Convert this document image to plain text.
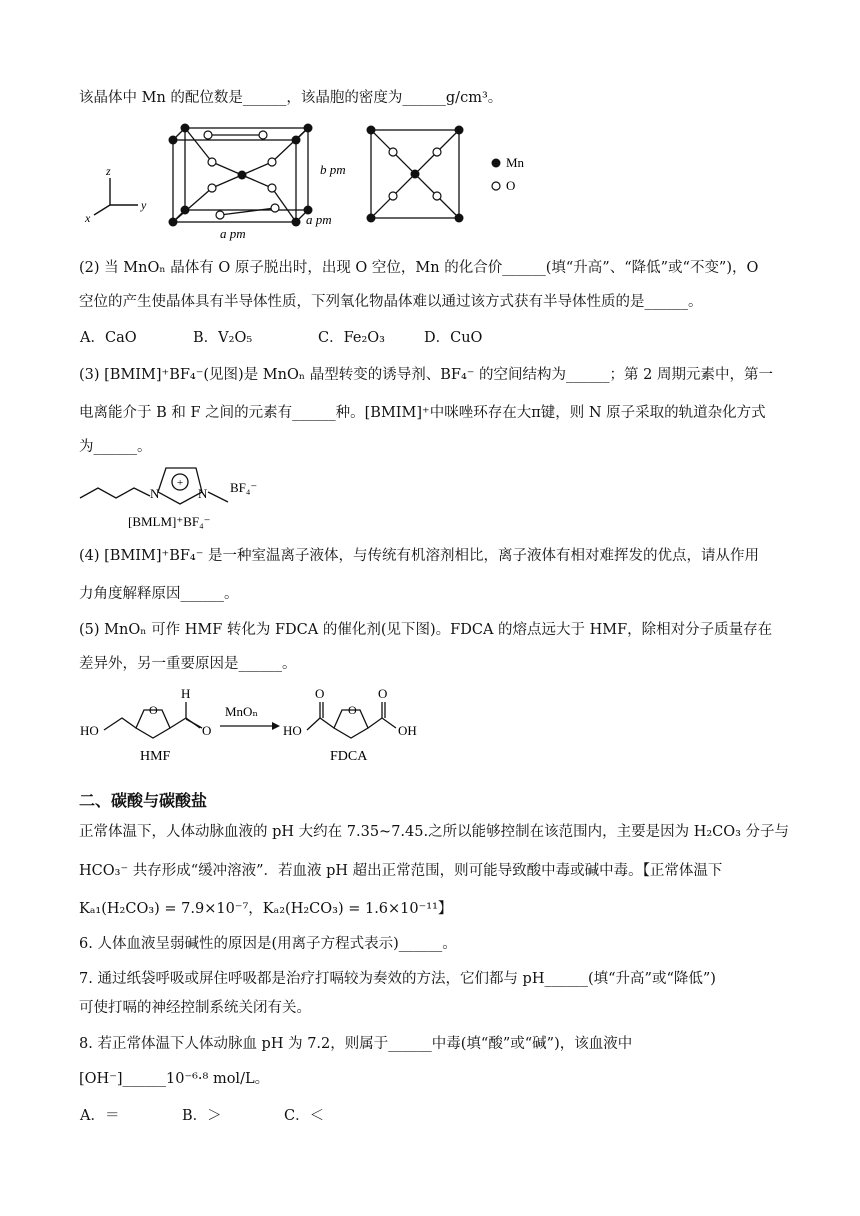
该晶体中 Mn 的配位数是______，该晶胞的密度为______g/cm³。
z
y
x
b pm
a pm
a pm
Mn
O
(2) 当 MnOₙ 晶体有 O 原子脱出时，出现 O 空位，Mn 的化合价______(填“升高”、“降低”或“不变”)，O
空位的产生使晶体具有半导体性质，下列氧化物晶体难以通过该方式获有半导体性质的是______。
A．CaO	B．V₂O₅	C．Fe₂O₃	D．CuO
(3) [BMIM]⁺BF₄⁻(见图)是 MnOₙ 晶型转变的诱导剂、BF₄⁻ 的空间结构为______；第 2 周期元素中，第一
电离能介于 B 和 F 之间的元素有______种。[BMIM]⁺中咪唑环存在大π键，则 N 原子采取的轨道杂化方式
为______。
+
N	N BF₄⁻
[BMLM]⁺BF₄⁻
(4) [BMIM]⁺BF₄⁻ 是一种室温离子液体，与传统有机溶剂相比，离子液体有相对难挥发的优点，请从作用
力角度解释原因______。
(5) MnOₙ 可作 HMF 转化为 FDCA 的催化剂(见下图)。FDCA 的熔点远大于 HMF，除相对分子质量存在
差异外，另一重要原因是______。
HO
O
H
O
HMF
MnOₙ
HO
O
O
O
OH
FDCA
二、碳酸与碳酸盐
正常体温下，人体动脉血液的 pH 大约在 7.35~7.45.之所以能够控制在该范围内，主要是因为 H₂CO₃ 分子与
HCO₃⁻ 共存形成“缓冲溶液”．若血液 pH 超出正常范围，则可能导致酸中毒或碱中毒。【正常体温下
Kₐ₁(H₂CO₃) = 7.9×10⁻⁷，Kₐ₂(H₂CO₃) = 1.6×10⁻¹¹】
6. 人体血液呈弱碱性的原因是(用离子方程式表示)______。
7. 通过纸袋呼吸或屏住呼吸都是治疗打嗝较为奏效的方法，它们都与 pH______(填“升高”或“降低”)
可使打嗝的神经控制系统关闭有关。
8. 若正常体温下人体动脉血 pH 为 7.2，则属于______中毒(填“酸”或“碱”)，该血液中
[OH⁻]______10⁻⁶·⁸ mol/L。
A．＝	B．＞	C．＜
